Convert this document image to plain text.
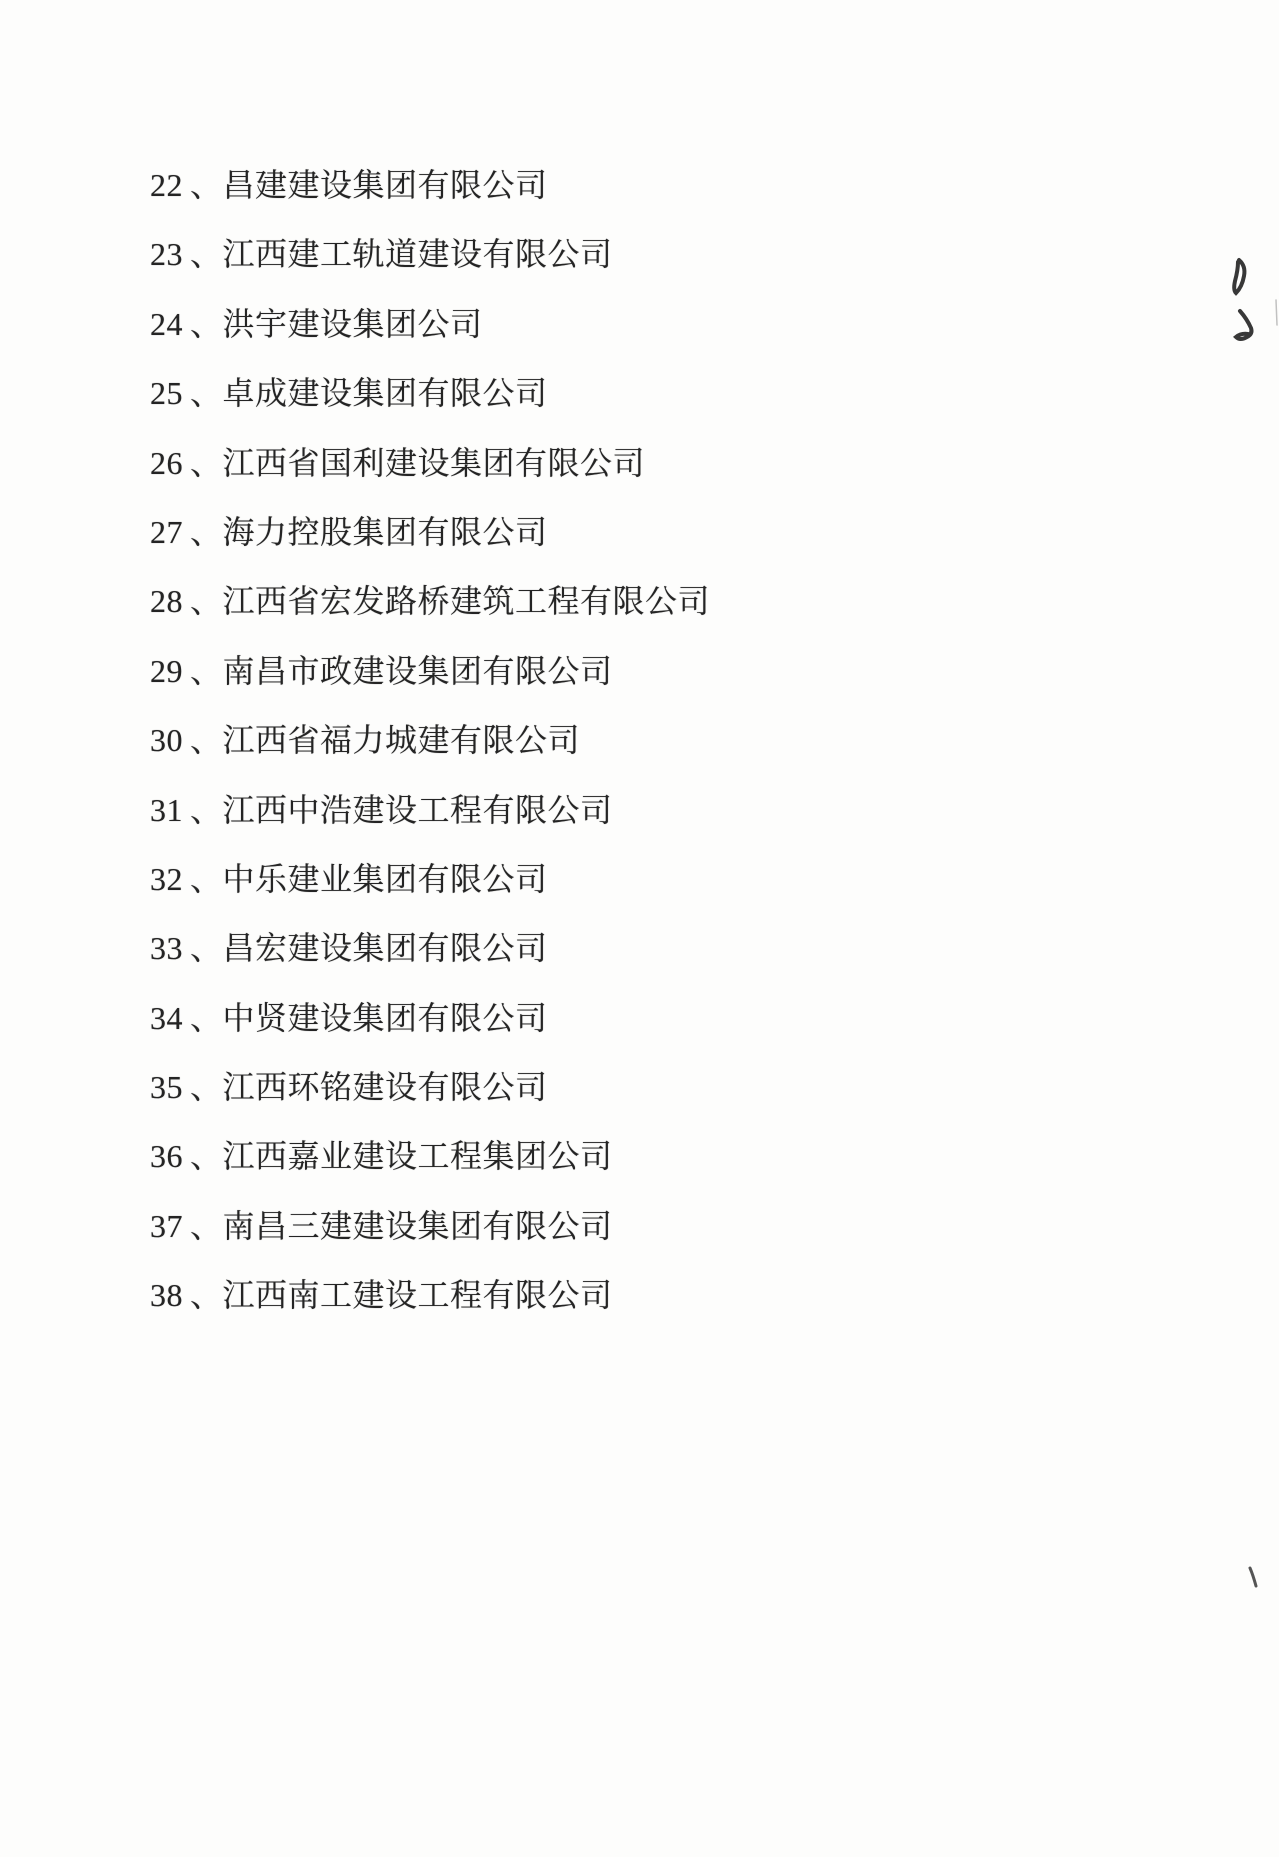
22 、昌建建设集团有限公司
23 、江西建工轨道建设有限公司
24 、洪宇建设集团公司
25 、卓成建设集团有限公司
26 、江西省国利建设集团有限公司
27 、海力控股集团有限公司
28 、江西省宏发路桥建筑工程有限公司
29 、南昌市政建设集团有限公司
30 、江西省福力城建有限公司
31 、江西中浩建设工程有限公司
32 、中乐建业集团有限公司
33 、昌宏建设集团有限公司
34 、中贤建设集团有限公司
35 、江西环铭建设有限公司
36 、江西嘉业建设工程集团公司
37 、南昌三建建设集团有限公司
38 、江西南工建设工程有限公司
